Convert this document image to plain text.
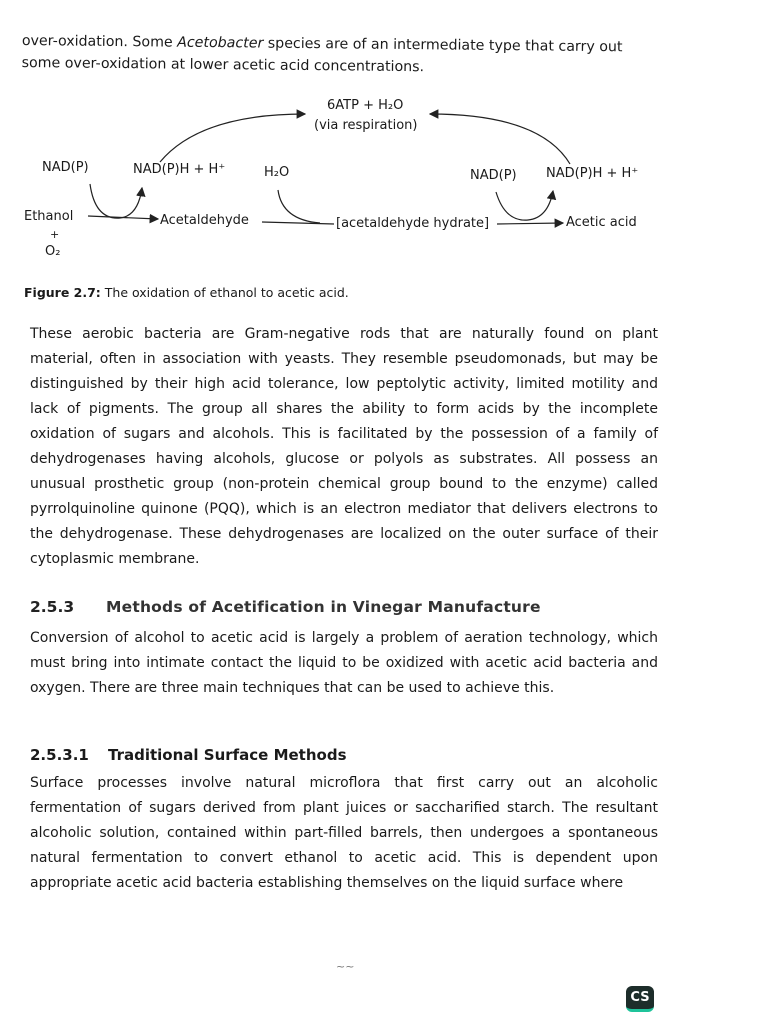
over-oxidation. Some Acetobacter species are of an intermediate type that carry out some over-oxidation at lower acetic acid concentrations.

6ATP + H₂O
(via respiration)
NAD(P)	NAD(P)H + H⁺	H₂O	NAD(P) NAD(P)H + H⁺
Ethanol
+
O₂
Acetaldehyde	[acetaldehyde hydrate]	Acetic acid
Figure 2.7: The oxidation of ethanol to acetic acid.

These aerobic bacteria are Gram-negative rods that are naturally found on plant material, often in association with yeasts. They resemble pseudomonads, but may be distinguished by their high acid tolerance, low peptolytic activity, limited motility and lack of pigments. The group all shares the ability to form acids by the incomplete oxidation of sugars and alcohols. This is facilitated by the possession of a family of dehydrogenases having alcohols, glucose or polyols as substrates. All possess an unusual prosthetic group (non-protein chemical group bound to the enzyme) called pyrrolquinoline quinone (PQQ), which is an electron mediator that delivers electrons to the dehydrogenase. These dehydrogenases are localized on the outer surface of their cytoplasmic membrane.

2.5.3 Methods of Acetification in Vinegar Manufacture

Conversion of alcohol to acetic acid is largely a problem of aeration technology, which must bring into intimate contact the liquid to be oxidized with acetic acid bacteria and oxygen. There are three main techniques that can be used to achieve this.

2.5.3.1 Traditional Surface Methods

Surface processes involve natural microflora that first carry out an alcoholic fermentation of sugars derived from plant juices or saccharified starch. The resultant alcoholic solution, contained within part-filled barrels, then undergoes a spontaneous natural fermentation to convert ethanol to acetic acid. This is dependent upon appropriate acetic acid bacteria establishing themselves on the liquid surface where

~~
CS
